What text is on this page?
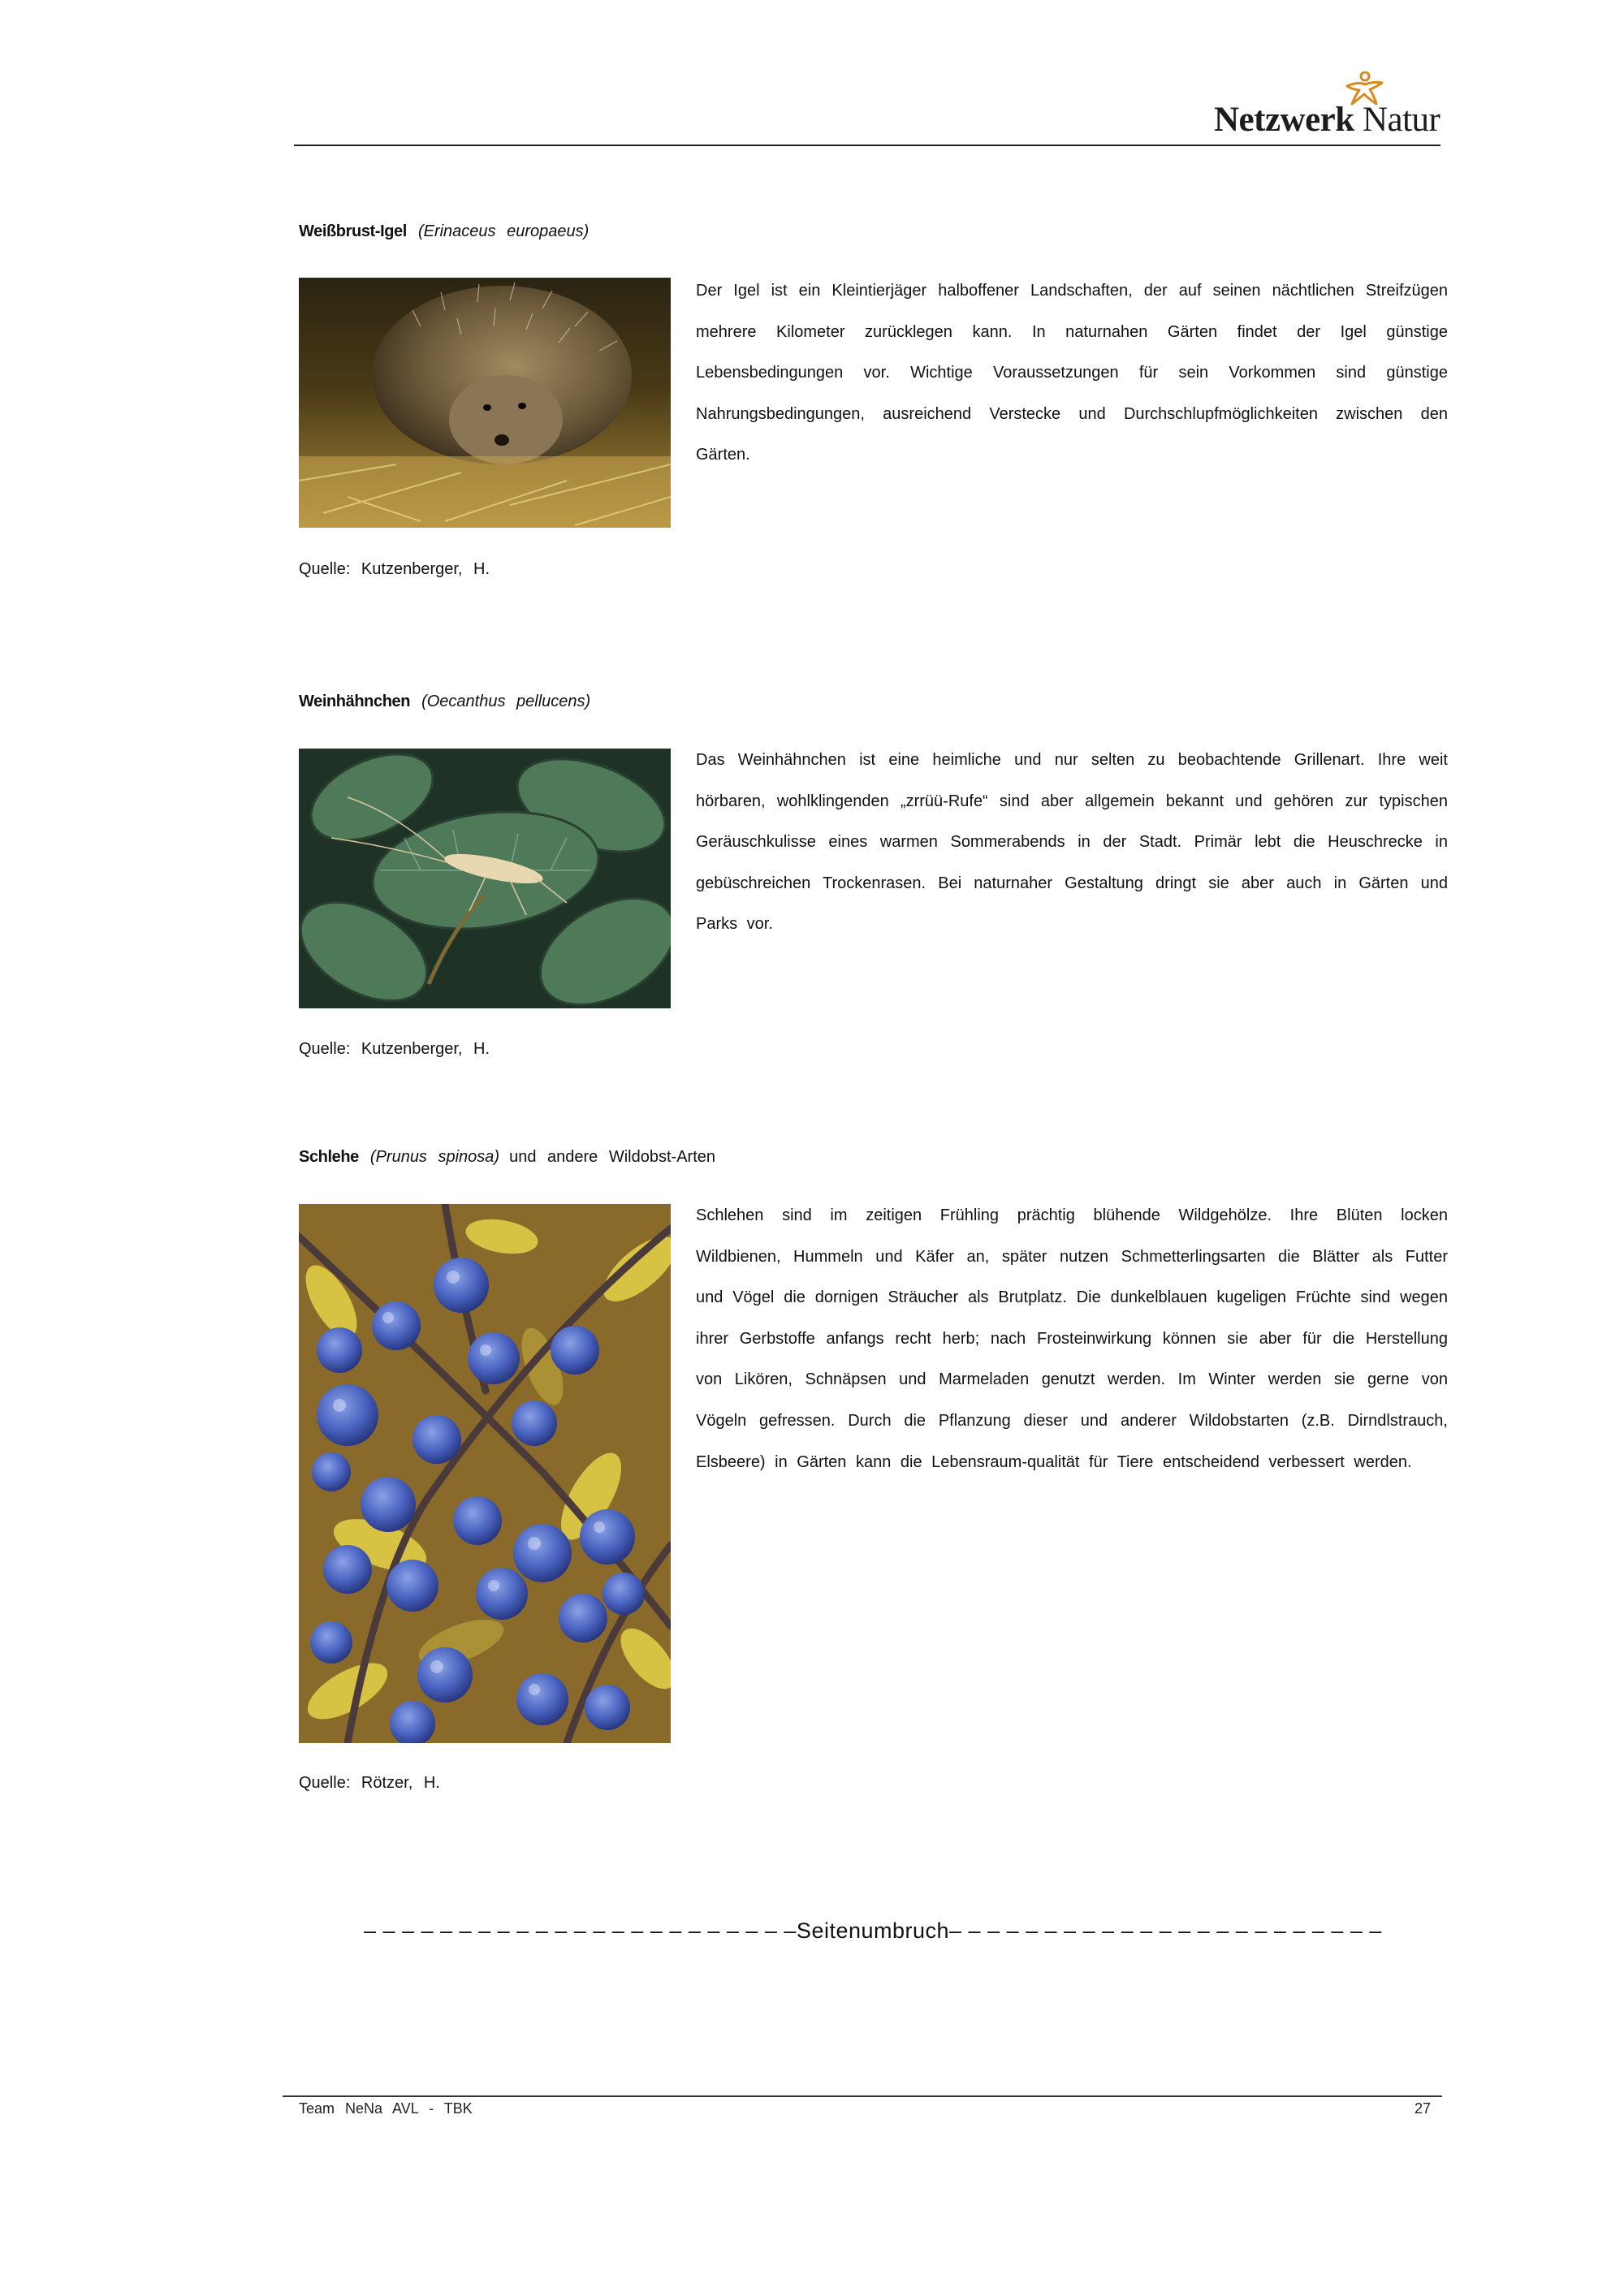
Netzwerk Natur
Weißbrust-Igel (Erinaceus europaeus)
Der Igel ist ein Kleintierjäger halboffener Landschaften, der auf seinen nächtlichen Streifzügen mehrere Kilometer zurücklegen kann. In naturnahen Gärten findet der Igel günstige Lebensbedingungen vor. Wichtige Voraussetzungen für sein Vorkommen sind günstige Nahrungsbedingungen, ausreichend Verstecke und Durchschlupfmöglichkeiten zwischen den Gärten.
Quelle: Kutzenberger, H.
Weinhähnchen (Oecanthus pellucens)
Das Weinhähnchen ist eine heimliche und nur selten zu beobachtende Grillenart. Ihre weit hörbaren, wohlklingenden „zrrüü-Rufe“ sind aber allgemein bekannt und gehören zur typischen Geräuschkulisse eines warmen Sommerabends in der Stadt. Primär lebt die Heuschrecke in gebüschreichen Trockenrasen. Bei naturnaher Gestaltung dringt sie aber auch in Gärten und Parks vor.
Quelle: Kutzenberger, H.
Schlehe (Prunus spinosa) und andere Wildobst-Arten
Schlehen sind im zeitigen Frühling prächtig blühende Wildgehölze. Ihre Blüten locken Wildbienen, Hummeln und Käfer an, später nutzen Schmetterlingsarten die Blätter als Futter und Vögel die dornigen Sträucher als Brutplatz. Die dunkelblauen kugeligen Früchte sind wegen ihrer Gerbstoffe anfangs recht herb; nach Frosteinwirkung können sie aber für die Herstellung von Likören, Schnäpsen und Marmeladen genutzt werden. Im Winter werden sie gerne von Vögeln gefressen. Durch die Pflanzung dieser und anderer Wildobstarten (z.B. Dirndlstrauch, Elsbeere) in Gärten kann die Lebensraum-qualität für Tiere entscheidend verbessert werden.
Quelle: Rötzer, H.
– – – – – – – – – – – – – – – – – – – – – – –Seitenumbruch– – – – – – – – – – – – – – – – – – – – – – –
Team NeNa AVL - TBK	27
